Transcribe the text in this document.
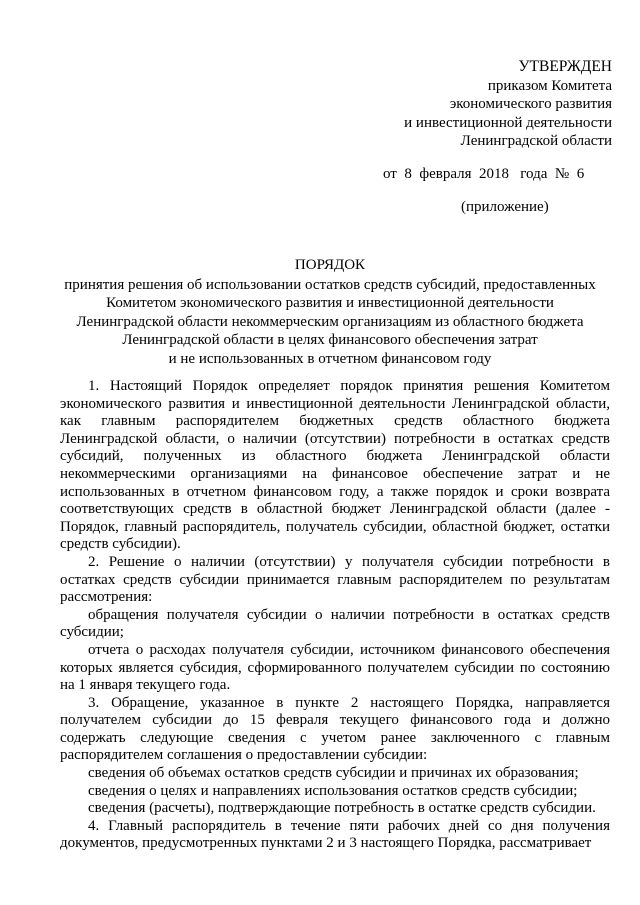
УТВЕРЖДЕН
приказом Комитета
экономического развития
и инвестиционной деятельности
Ленинградской области
от  8  февраля  2018   года  №  6
(приложение)
ПОРЯДОК
принятия решения об использовании остатков средств субсидий, предоставленных
Комитетом экономического развития и инвестиционной деятельности
Ленинградской области некоммерческим организациям из областного бюджета
Ленинградской области в целях финансового обеспечения затрат
и не использованных в отчетном финансовом году

1. Настоящий Порядок определяет порядок принятия решения Комитетом экономического развития и инвестиционной деятельности Ленинградской области, как главным распорядителем бюджетных средств областного бюджета Ленинградской области, о наличии (отсутствии) потребности в остатках средств субсидий, полученных из областного бюджета Ленинградской области некоммерческими организациями на финансовое обеспечение затрат и не использованных в отчетном финансовом году, а также порядок и сроки возврата соответствующих средств в областной бюджет Ленинградской области (далее - Порядок, главный распорядитель, получатель субсидии, областной бюджет, остатки средств субсидии).

2. Решение о наличии (отсутствии) у получателя субсидии потребности в остатках средств субсидии принимается главным распорядителем по результатам рассмотрения:

обращения получателя субсидии о наличии потребности в остатках средств субсидии;

отчета о расходах получателя субсидии, источником финансового обеспечения которых является субсидия, сформированного получателем субсидии по состоянию на 1 января текущего года.

3. Обращение, указанное в пункте 2 настоящего Порядка, направляется получателем субсидии до 15 февраля текущего финансового года и должно содержать следующие сведения с учетом ранее заключенного с главным распорядителем соглашения о предоставлении субсидии:

сведения об объемах остатков средств субсидии и причинах их образования;

сведения о целях и направлениях использования остатков средств субсидии;

сведения (расчеты), подтверждающие потребность в остатке средств субсидии.

4. Главный распорядитель в течение пяти рабочих дней со дня получения документов, предусмотренных пунктами 2 и 3 настоящего Порядка, рассматривает
